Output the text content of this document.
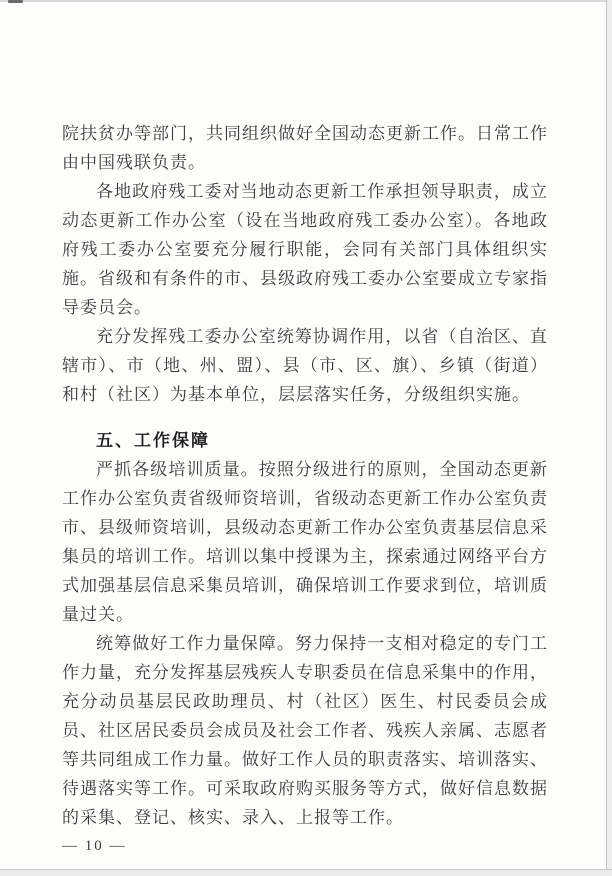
院扶贫办等部门，共同组织做好全国动态更新工作。日常工作由中国残联负责。

各地政府残工委对当地动态更新工作承担领导职责，成立动态更新工作办公室（设在当地政府残工委办公室）。各地政府残工委办公室要充分履行职能，会同有关部门具体组织实施。省级和有条件的市、县级政府残工委办公室要成立专家指导委员会。

充分发挥残工委办公室统筹协调作用，以省（自治区、直辖市）、市（地、州、盟）、县（市、区、旗）、乡镇（街道）和村（社区）为基本单位，层层落实任务，分级组织实施。

五、工作保障

严抓各级培训质量。按照分级进行的原则，全国动态更新工作办公室负责省级师资培训，省级动态更新工作办公室负责市、县级师资培训，县级动态更新工作办公室负责基层信息采集员的培训工作。培训以集中授课为主，探索通过网络平台方式加强基层信息采集员培训，确保培训工作要求到位，培训质量过关。

统筹做好工作力量保障。努力保持一支相对稳定的专门工作力量，充分发挥基层残疾人专职委员在信息采集中的作用，充分动员基层民政助理员、村（社区）医生、村民委员会成员、社区居民委员会成员及社会工作者、残疾人亲属、志愿者等共同组成工作力量。做好工作人员的职责落实、培训落实、待遇落实等工作。可采取政府购买服务等方式，做好信息数据的采集、登记、核实、录入、上报等工作。

— 10 —
